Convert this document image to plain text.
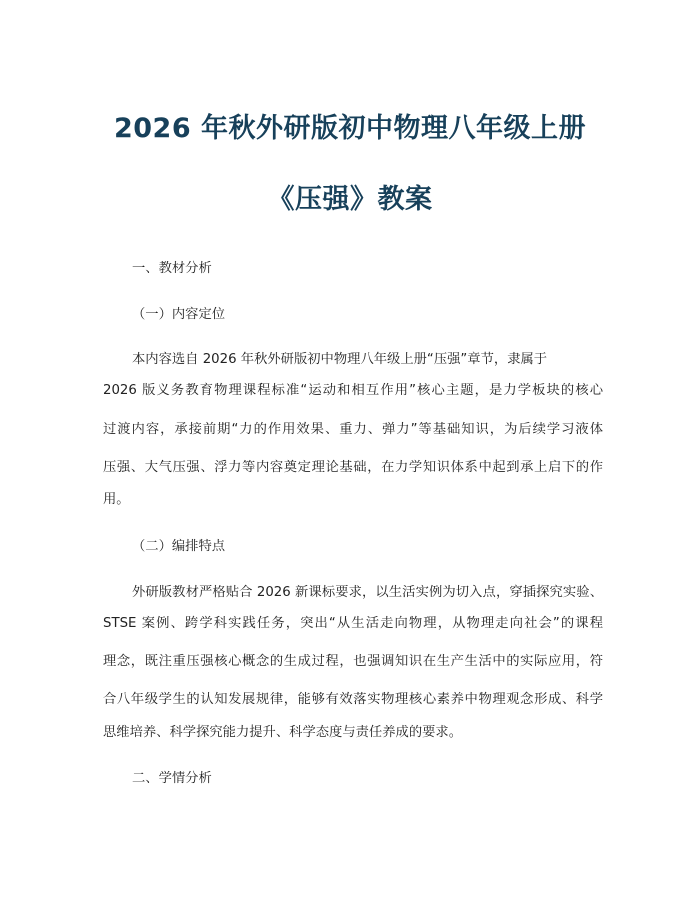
2026 年秋外研版初中物理八年级上册
《压强》教案
一、教材分析
（一）内容定位
本内容选自 2026 年秋外研版初中物理八年级上册“压强”章节，隶属于
2026 版义务教育物理课程标准“运动和相互作用”核心主题，是力学板块的核心
过渡内容，承接前期“力的作用效果、重力、弹力”等基础知识，为后续学习液体
压强、大气压强、浮力等内容奠定理论基础，在力学知识体系中起到承上启下的作
用。
（二）编排特点
外研版教材严格贴合 2026 新课标要求，以生活实例为切入点，穿插探究实验、
STSE 案例、跨学科实践任务，突出“从生活走向物理，从物理走向社会”的课程
理念，既注重压强核心概念的生成过程，也强调知识在生产生活中的实际应用，符
合八年级学生的认知发展规律，能够有效落实物理核心素养中物理观念形成、科学
思维培养、科学探究能力提升、科学态度与责任养成的要求。
二、学情分析
